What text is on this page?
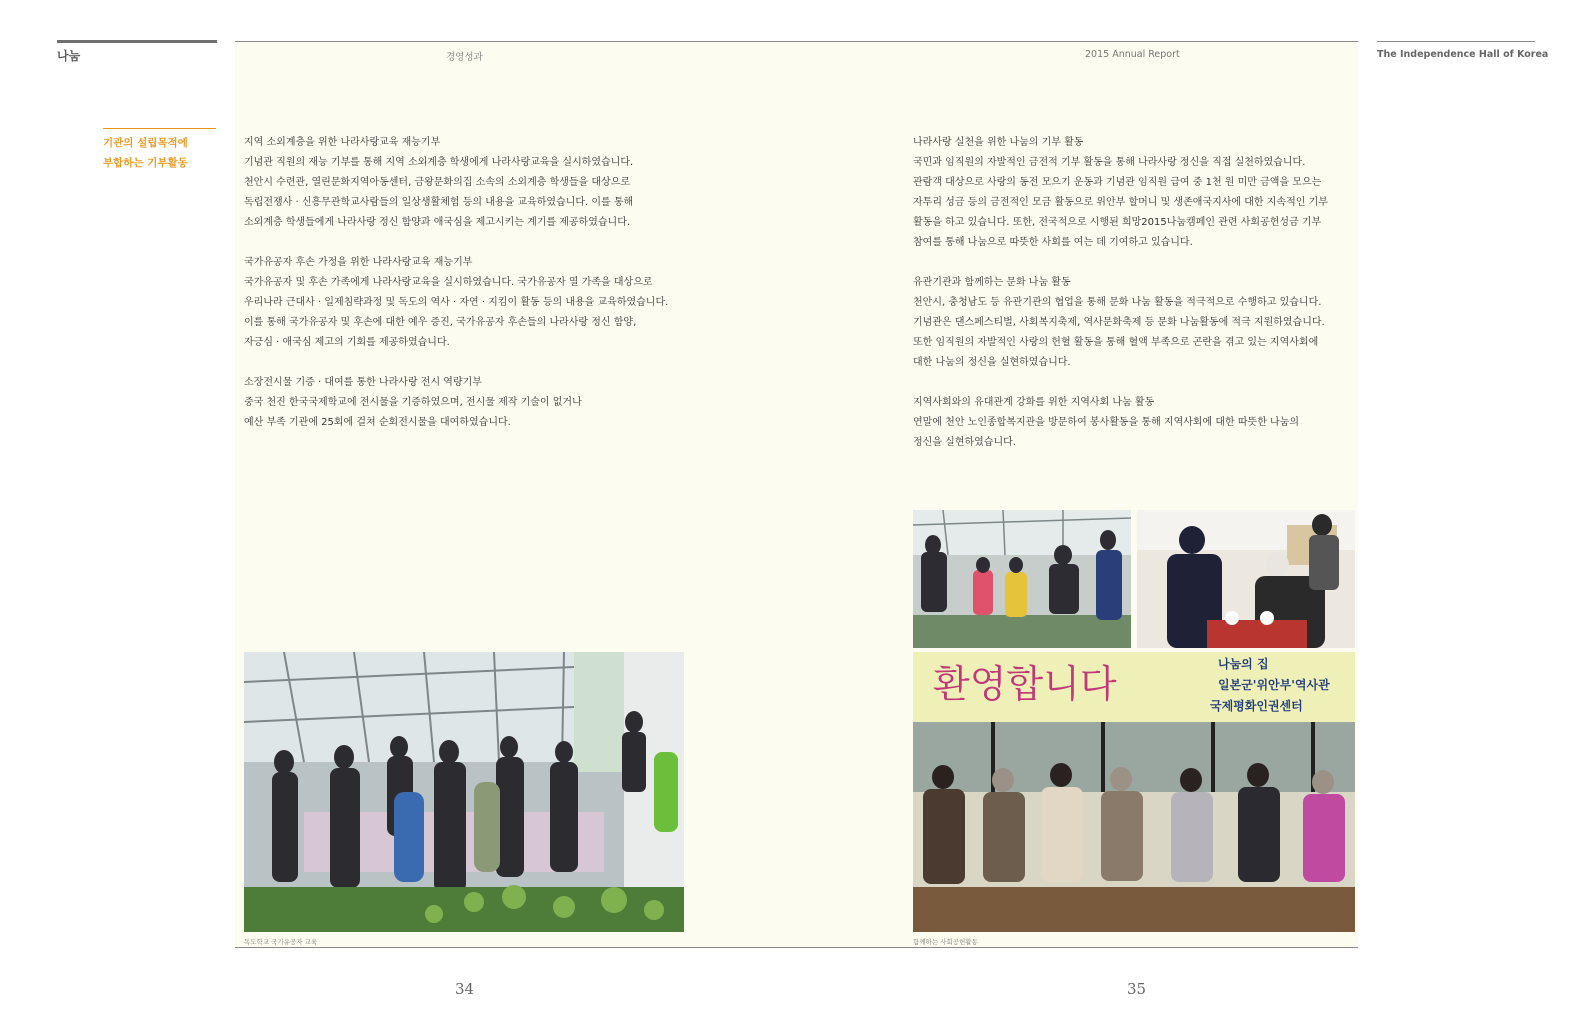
나눔	경영성과	2015 Annual Report	The Independence Hall of Korea
기관의 설립목적에
부합하는 기부활동
지역 소외계층을 위한 나라사랑교육 재능기부
기념관 직원의 재능 기부를 통해 지역 소외계층 학생에게 나라사랑교육을 실시하였습니다.
천안시 수련관, 열린문화지역아동센터, 금왕문화의집 소속의 소외계층 학생들을 대상으로
독립전쟁사 · 신흥무관학교사람들의 일상생활체험 등의 내용을 교육하였습니다. 이를 통해
소외계층 학생들에게 나라사랑 정신 함양과 애국심을 제고시키는 계기를 제공하였습니다.
국가유공자 후손 가정을 위한 나라사랑교육 재능기부
국가유공자 및 후손 가족에게 나라사랑교육을 실시하였습니다. 국가유공자 열 가족을 대상으로
우리나라 근대사 · 일제침략과정 및 독도의 역사 · 자연 · 지킴이 활동 등의 내용을 교육하였습니다.
이를 통해 국가유공자 및 후손에 대한 예우 증진, 국가유공자 후손들의 나라사랑 정신 함양,
자긍심 · 애국심 제고의 기회를 제공하였습니다.
소장전시물 기증 · 대여를 통한 나라사랑 전시 역량기부
중국 천진 한국국제학교에 전시물을 기증하였으며, 전시물 제작 기술이 없거나
예산 부족 기관에 25회에 걸쳐 순회전시물을 대여하였습니다.
나라사랑 실천을 위한 나눔의 기부 활동
국민과 임직원의 자발적인 금전적 기부 활동을 통해 나라사랑 정신을 직접 실천하였습니다.
관람객 대상으로 사랑의 동전 모으기 운동과 기념관 임직원 급여 중 1천 원 미만 금액을 모으는
자투리 성금 등의 금전적인 모금 활동으로 위안부 할머니 및 생존애국지사에 대한 지속적인 기부
활동을 하고 있습니다. 또한, 전국적으로 시행된 희망2015나눔캠페인 관련 사회공헌성금 기부
참여를 통해 나눔으로 따뜻한 사회를 여는 데 기여하고 있습니다.
유관기관과 함께하는 문화 나눔 활동
천안시, 충청남도 등 유관기관의 협업을 통해 문화 나눔 활동을 적극적으로 수행하고 있습니다.
기념관은 댄스페스티벌, 사회복지축제, 역사문화축제 등 문화 나눔활동에 적극 지원하였습니다.
또한 임직원의 자발적인 사랑의 헌혈 활동을 통해 혈액 부족으로 곤란을 겪고 있는 지역사회에
대한 나눔의 정신을 실현하였습니다.
지역사회와의 유대관계 강화를 위한 지역사회 나눔 활동
연말에 천안 노인종합복지관을 방문하여 봉사활동을 통해 지역사회에 대한 따뜻한 나눔의
정신을 실현하였습니다.
독도학교 국가유공자 교육
환영합니다	나눔의 집
일본군'위안부'역사관
국제평화인권센터
함께하는 사회공헌활동
34	35
